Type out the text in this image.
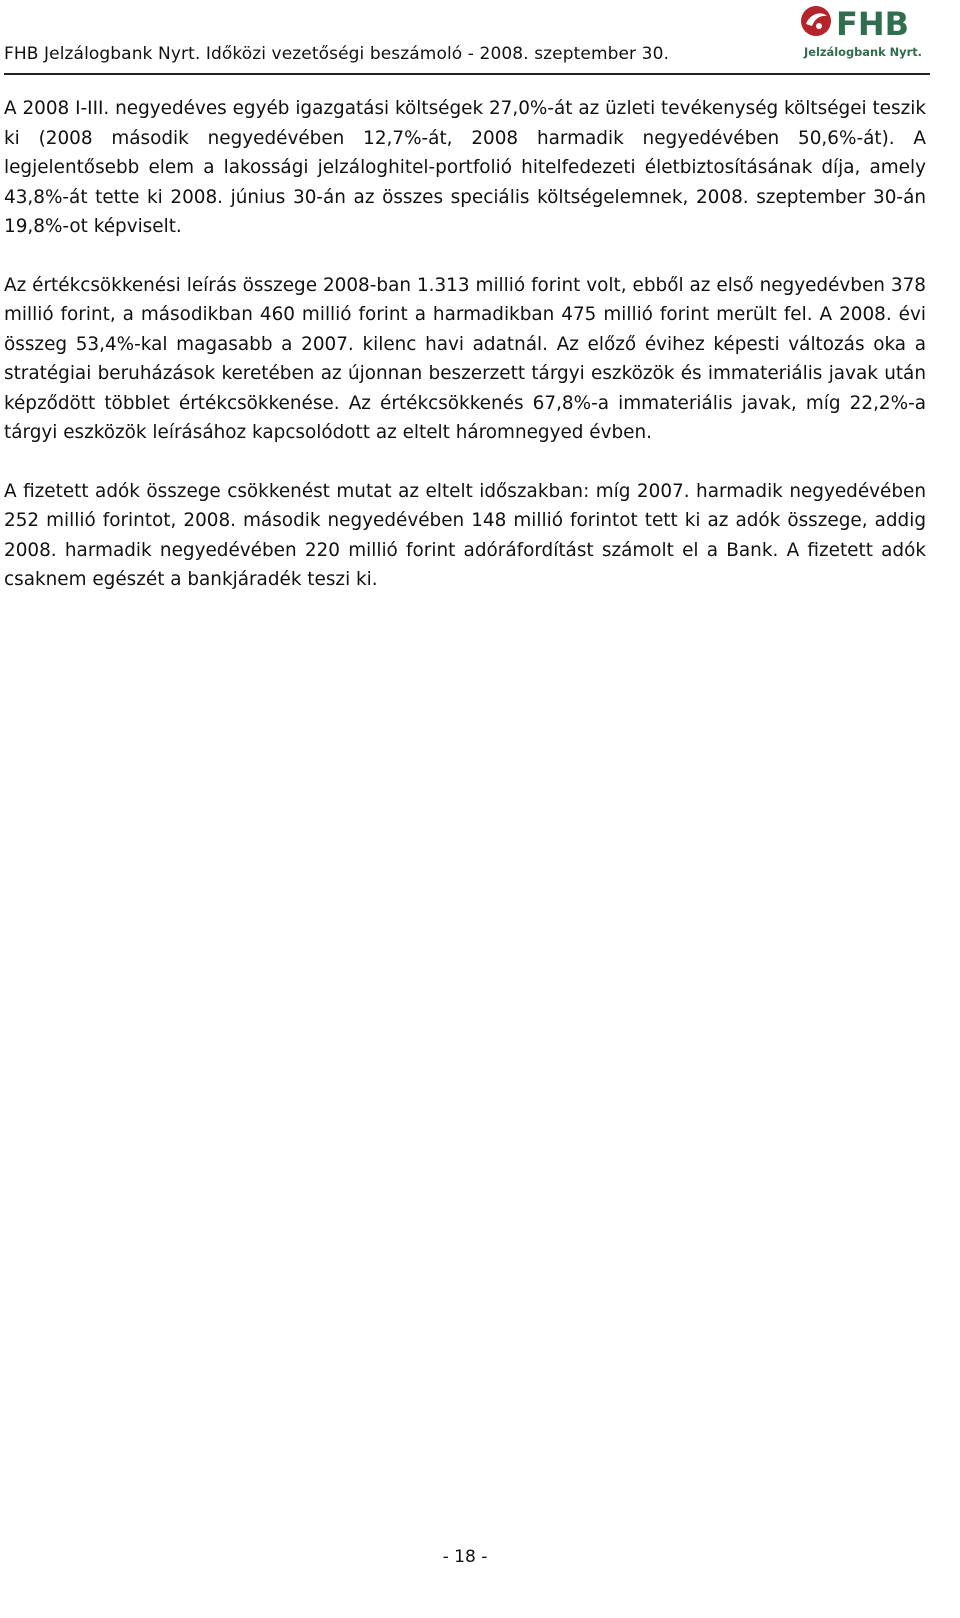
FHB Jelzálogbank Nyrt. Időközi vezetőségi beszámoló - 2008. szeptember 30.
FHB
Jelzálogbank Nyrt.

A 2008 I-III. negyedéves egyéb igazgatási költségek 27,0%-át az üzleti tevékenység költségei teszik ki (2008 második negyedévében 12,7%-át, 2008 harmadik negyedévében 50,6%-át). A legjelentősebb elem a lakossági jelzáloghitel-portfolió hitelfedezeti életbiztosításának díja, amely 43,8%-át tette ki 2008. június 30-án az összes speciális költségelemnek, 2008. szeptember 30-án 19,8%-ot képviselt.

Az értékcsökkenési leírás összege 2008-ban 1.313 millió forint volt, ebből az első negyedévben 378 millió forint, a másodikban 460 millió forint a harmadikban 475 millió forint merült fel. A 2008. évi összeg 53,4%-kal magasabb a 2007. kilenc havi adatnál. Az előző évihez képesti változás oka a stratégiai beruházások keretében az újonnan beszerzett tárgyi eszközök és immateriális javak után képződött többlet értékcsökkenése. Az értékcsökkenés 67,8%-a immateriális javak, míg 22,2%-a tárgyi eszközök leírásához kapcsolódott az eltelt háromnegyed évben.

A fizetett adók összege csökkenést mutat az eltelt időszakban: míg 2007. harmadik negyedévében 252 millió forintot, 2008. második negyedévében 148 millió forintot tett ki az adók összege, addig 2008. harmadik negyedévében 220 millió forint adóráfordítást számolt el a Bank. A fizetett adók csaknem egészét a bankjáradék teszi ki.

- 18 -
